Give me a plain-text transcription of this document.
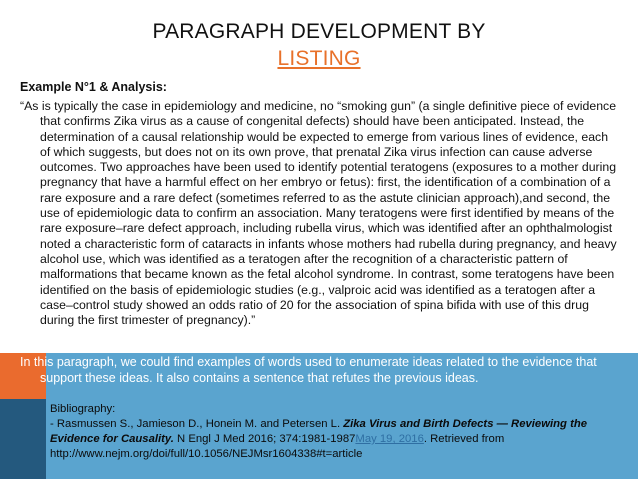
PARAGRAPH DEVELOPMENT BY
LISTING
Example N°1 & Analysis:

“As is typically the case in epidemiology and medicine, no “smoking gun” (a single definitive piece of evidence that confirms Zika virus as a cause of congenital defects) should have been anticipated. Instead, the determination of a causal relationship would be expected to emerge from various lines of evidence, each of which suggests, but does not on its own prove, that prenatal Zika virus infection can cause adverse outcomes. Two approaches have been used to identify potential teratogens (exposures to a mother during pregnancy that have a harmful effect on her embryo or fetus): first, the identification of a combination of a rare exposure and a rare defect (sometimes referred to as the astute clinician approach),and second, the use of epidemiologic data to confirm an association. Many teratogens were first identified by means of the rare exposure–rare defect approach, including rubella virus, which was identified after an ophthalmologist noted a characteristic form of cataracts in infants whose mothers had rubella during pregnancy, and heavy alcohol use, which was identified as a teratogen after the recognition of a characteristic pattern of malformations that became known as the fetal alcohol syndrome. In contrast, some teratogens have been identified on the basis of epidemiologic studies (e.g., valproic acid was identified as a teratogen after a case–control study showed an odds ratio of 20 for the association of spina bifida with use of this drug during the first trimester of pregnancy).”

In this paragraph, we could find examples of words used to enumerate ideas related to the evidence that support these ideas. It also contains a sentence that refutes the previous ideas.
Bibliography:
- Rasmussen S., Jamieson D., Honein M. and Petersen L. Zika Virus and Birth Defects — Reviewing the Evidence for Causality. N Engl J Med 2016; 374:1981-1987May 19, 2016. Retrieved from http://www.nejm.org/doi/full/10.1056/NEJMsr1604338#t=article
